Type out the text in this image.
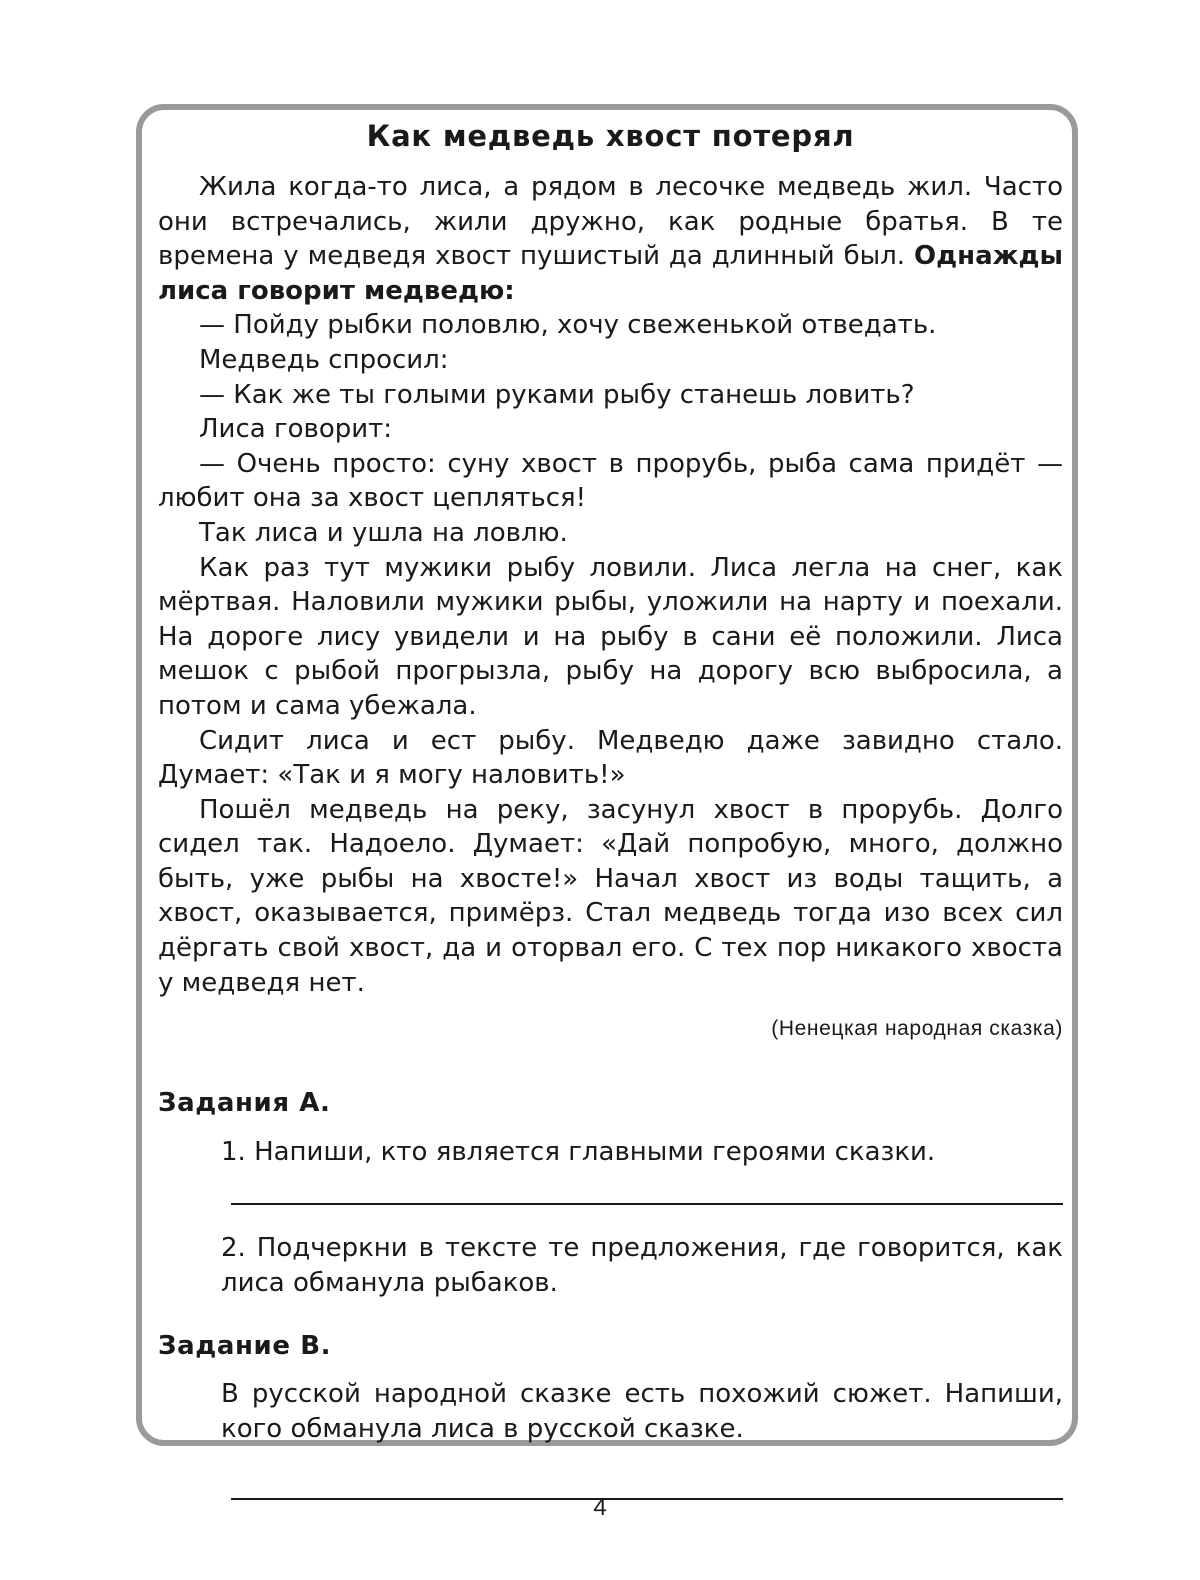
Как медведь хвост потерял

Жила когда-то лиса, а рядом в лесочке медведь жил. Часто они встречались, жили дружно, как родные братья. В те времена у медведя хвост пушистый да длинный был. Однажды лиса говорит медведю:

— Пойду рыбки половлю, хочу свеженькой отведать.

Медведь спросил:

— Как же ты голыми руками рыбу станешь ловить?

Лиса говорит:

— Очень просто: суну хвост в прорубь, рыба сама придёт — любит она за хвост цепляться!

Так лиса и ушла на ловлю.

Как раз тут мужики рыбу ловили. Лиса легла на снег, как мёртвая. Наловили мужики рыбы, уложили на нарту и поехали. На дороге лису увидели и на рыбу в сани её положили. Лиса мешок с рыбой прогрызла, рыбу на дорогу всю выбросила, а потом и сама убежала.

Сидит лиса и ест рыбу. Медведю даже завидно стало. Думает: «Так и я могу наловить!»

Пошёл медведь на реку, засунул хвост в прорубь. Долго сидел так. Надоело. Думает: «Дай попробую, много, должно быть, уже рыбы на хвосте!» Начал хвост из воды тащить, а хвост, оказывается, примёрз. Стал медведь тогда изо всех сил дёргать свой хвост, да и оторвал его. С тех пор никакого хвоста у медведя нет.

(Ненецкая народная сказка)
Задания А.
1. Напиши, кто является главными героями сказки.
2. Подчеркни в тексте те предложения, где говорится, как лиса обманула рыбаков.
Задание В.
В русской народной сказке есть похожий сюжет. Напиши, кого обманула лиса в русской сказке.
4
